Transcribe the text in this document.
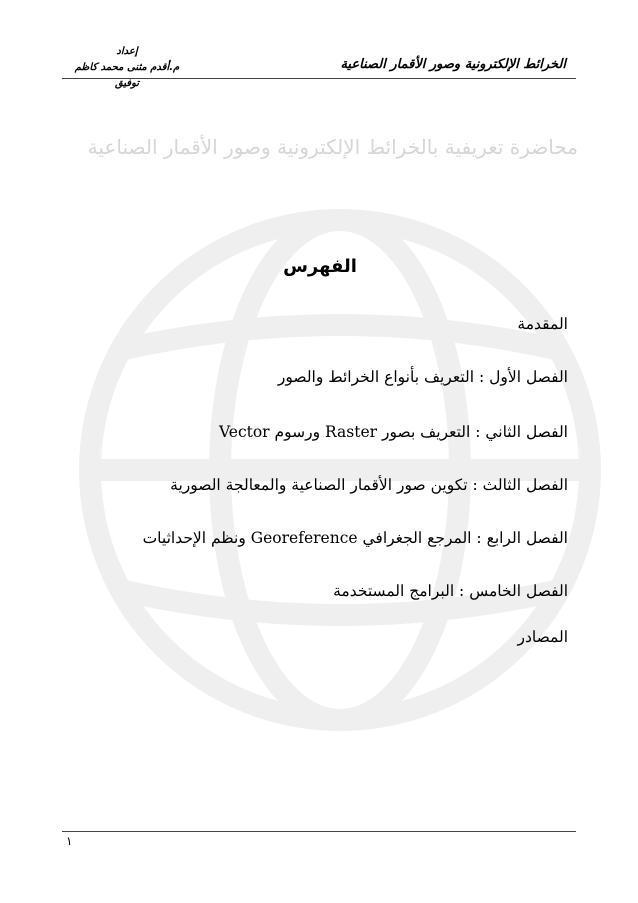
إعداد
م.أقدم مثنى محمد كاظم توفيق
الخرائط الإلكترونية وصور الأقمار الصناعية
محاضرة تعريفية بالخرائط الإلكترونية وصور الأقمار الصناعية
الفهرس
المقدمة
الفصل الأول : التعريف بأنواع الخرائط والصور
الفصل الثاني : التعريف بصور Raster ورسوم Vector
الفصل الثالث : تكوين صور الأقمار الصناعية والمعالجة الصورية
الفصل الرابع : المرجع الجغرافي Georeference ونظم الإحداثيات
الفصل الخامس : البرامج المستخدمة
المصادر
١
